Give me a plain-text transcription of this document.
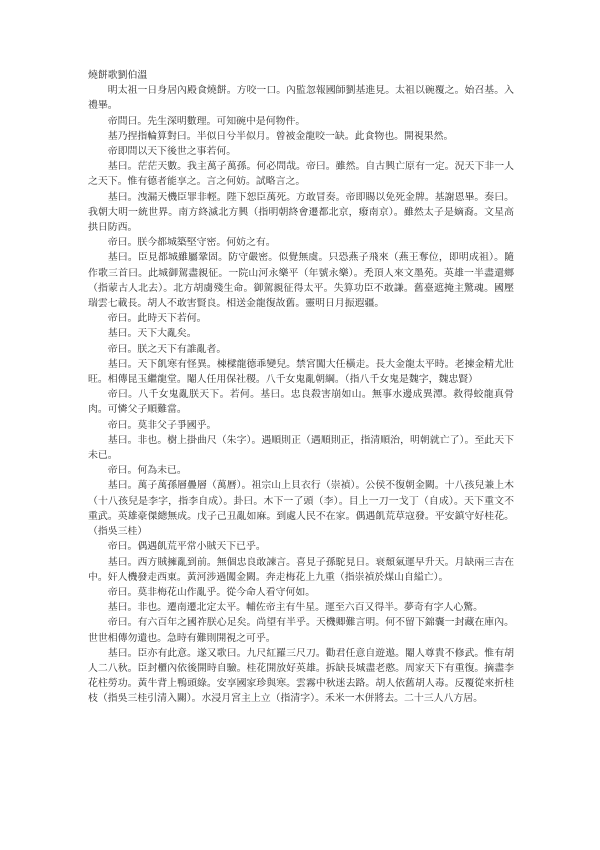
燒餅歌劉伯溫

明太祖一日身居內殿食燒餅。方咬一口。內監忽報國師劉基進見。太祖以碗覆之。始召基。入禮畢。

帝問曰。先生深明數理。可知碗中是何物件。

基乃捏指輪算對曰。半似日兮半似月。曾被金龍咬一缺。此食物也。開視果然。

帝即問以天下後世之事若何。

基曰。茫茫天數。我主萬子萬孫。何必問哉。帝曰。雖然。自古興亡原有一定。況天下非一人之天下。惟有德者能享之。言之何妨。試略言之。

基曰。洩漏天機臣罪非輕。陛下恕臣萬死。方敢冒奏。帝即賜以免死金牌。基謝恩畢。奏曰。我朝大明一統世界。南方終滅北方興（指明朝終會遷都北京，癈南京）。雖然太子是嫡裔。文星高拱日防西。

帝曰。朕今都城築堅守密。何妨之有。

基曰。臣見都城雖屬鞏固。防守嚴密。似覺無虞。只恐燕子飛來（燕王奪位，即明成祖）。隨作歌三首曰。此城御駕盡親征。一院山河永樂平（年號永樂）。禿頂人來文墨苑。英雄一半盡還鄉（指蒙古人北去）。北方胡虜殘生命。御駕親征得太平。失算功臣不敢謙。舊臺遮掩主驚魂。國壓瑞雲七載長。胡人不敢害賢良。相送金龍復故舊。靈明日月振遐疆。

帝曰。此時天下若何。

基曰。天下大亂矣。

帝曰。朕之天下有誰亂者。

基曰。天下飢寒有怪異。棟樑龍德乖變兒。禁宮闖大任橫走。長大金龍太平時。老揀金精尤壯旺。相傳昆玉繼龍堂。閹人任用保社稷。八千女鬼亂朝綱。（指八千女鬼是魏字，魏忠賢）

帝曰。八千女鬼亂朕天下。若何。基曰。忠良殺害崩如山。無事水邊成異潭。救得蛟龍真骨肉。可憐父子順難當。

帝曰。莫非父子爭國乎。

基曰。非也。樹上掛曲尺（朱字）。遇順則正（遇順則正，指清順治，明朝就亡了）。至此天下未已。

帝曰。何為未已。

基曰。萬子萬孫層疊層（萬曆）。祖宗山上貝衣行（崇禎）。公侯不復朝金闕。十八孩兒兼上木（十八孩兒是李字，指李自成）。卦曰。木下一了頭（李）。目上一刀一戈丁（自成）。天下重文不重武。英雄豪傑總無成。戊子己丑亂如麻。到處人民不在家。偶遇飢荒草寇發。平安鎮守好桂花。（指吳三桂）

帝曰。偶遇飢荒平常小賊天下已乎。

基曰。西方賊擁亂到前。無個忠良敢諫言。喜見子孫駝見日。衰頹氣運早升天。月缺兩三吉在中。奸人機發走西東。黃河涉過闖金闕。奔走梅花上九重（指崇禎於煤山自縊亡）。

帝曰。莫非梅花山作亂乎。從今命人看守何如。

基曰。非也。遷南遷北定太平。輔佐帝主有牛星。運至六百又得半。夢奇有字人心驚。

帝曰。有六百年之國祚朕心足矣。尚望有半乎。天機卿難言明。何不留下錦囊一封藏在庫內。世世相傳勿遺也。急時有難則開視之可乎。

基曰。臣亦有此意。遂又歌曰。九尺紅羅三尺刀。勸君任意自遊遨。閹人尊貴不修武。惟有胡人二八秋。臣封櫃內依後開時自驗。桂花開放好英雄。拆缺長城盡老憨。周家天下有重復。摘盡李花柱勞功。黃牛背上鴨頭綠。安享國家珍與寒。雲霧中秋迷去路。胡人依舊胡人毒。反覆從來折桂枝（指吳三桂引清入關）。水浸月宮主上立（指清字）。禾米一木併將去。二十三人八方居。
